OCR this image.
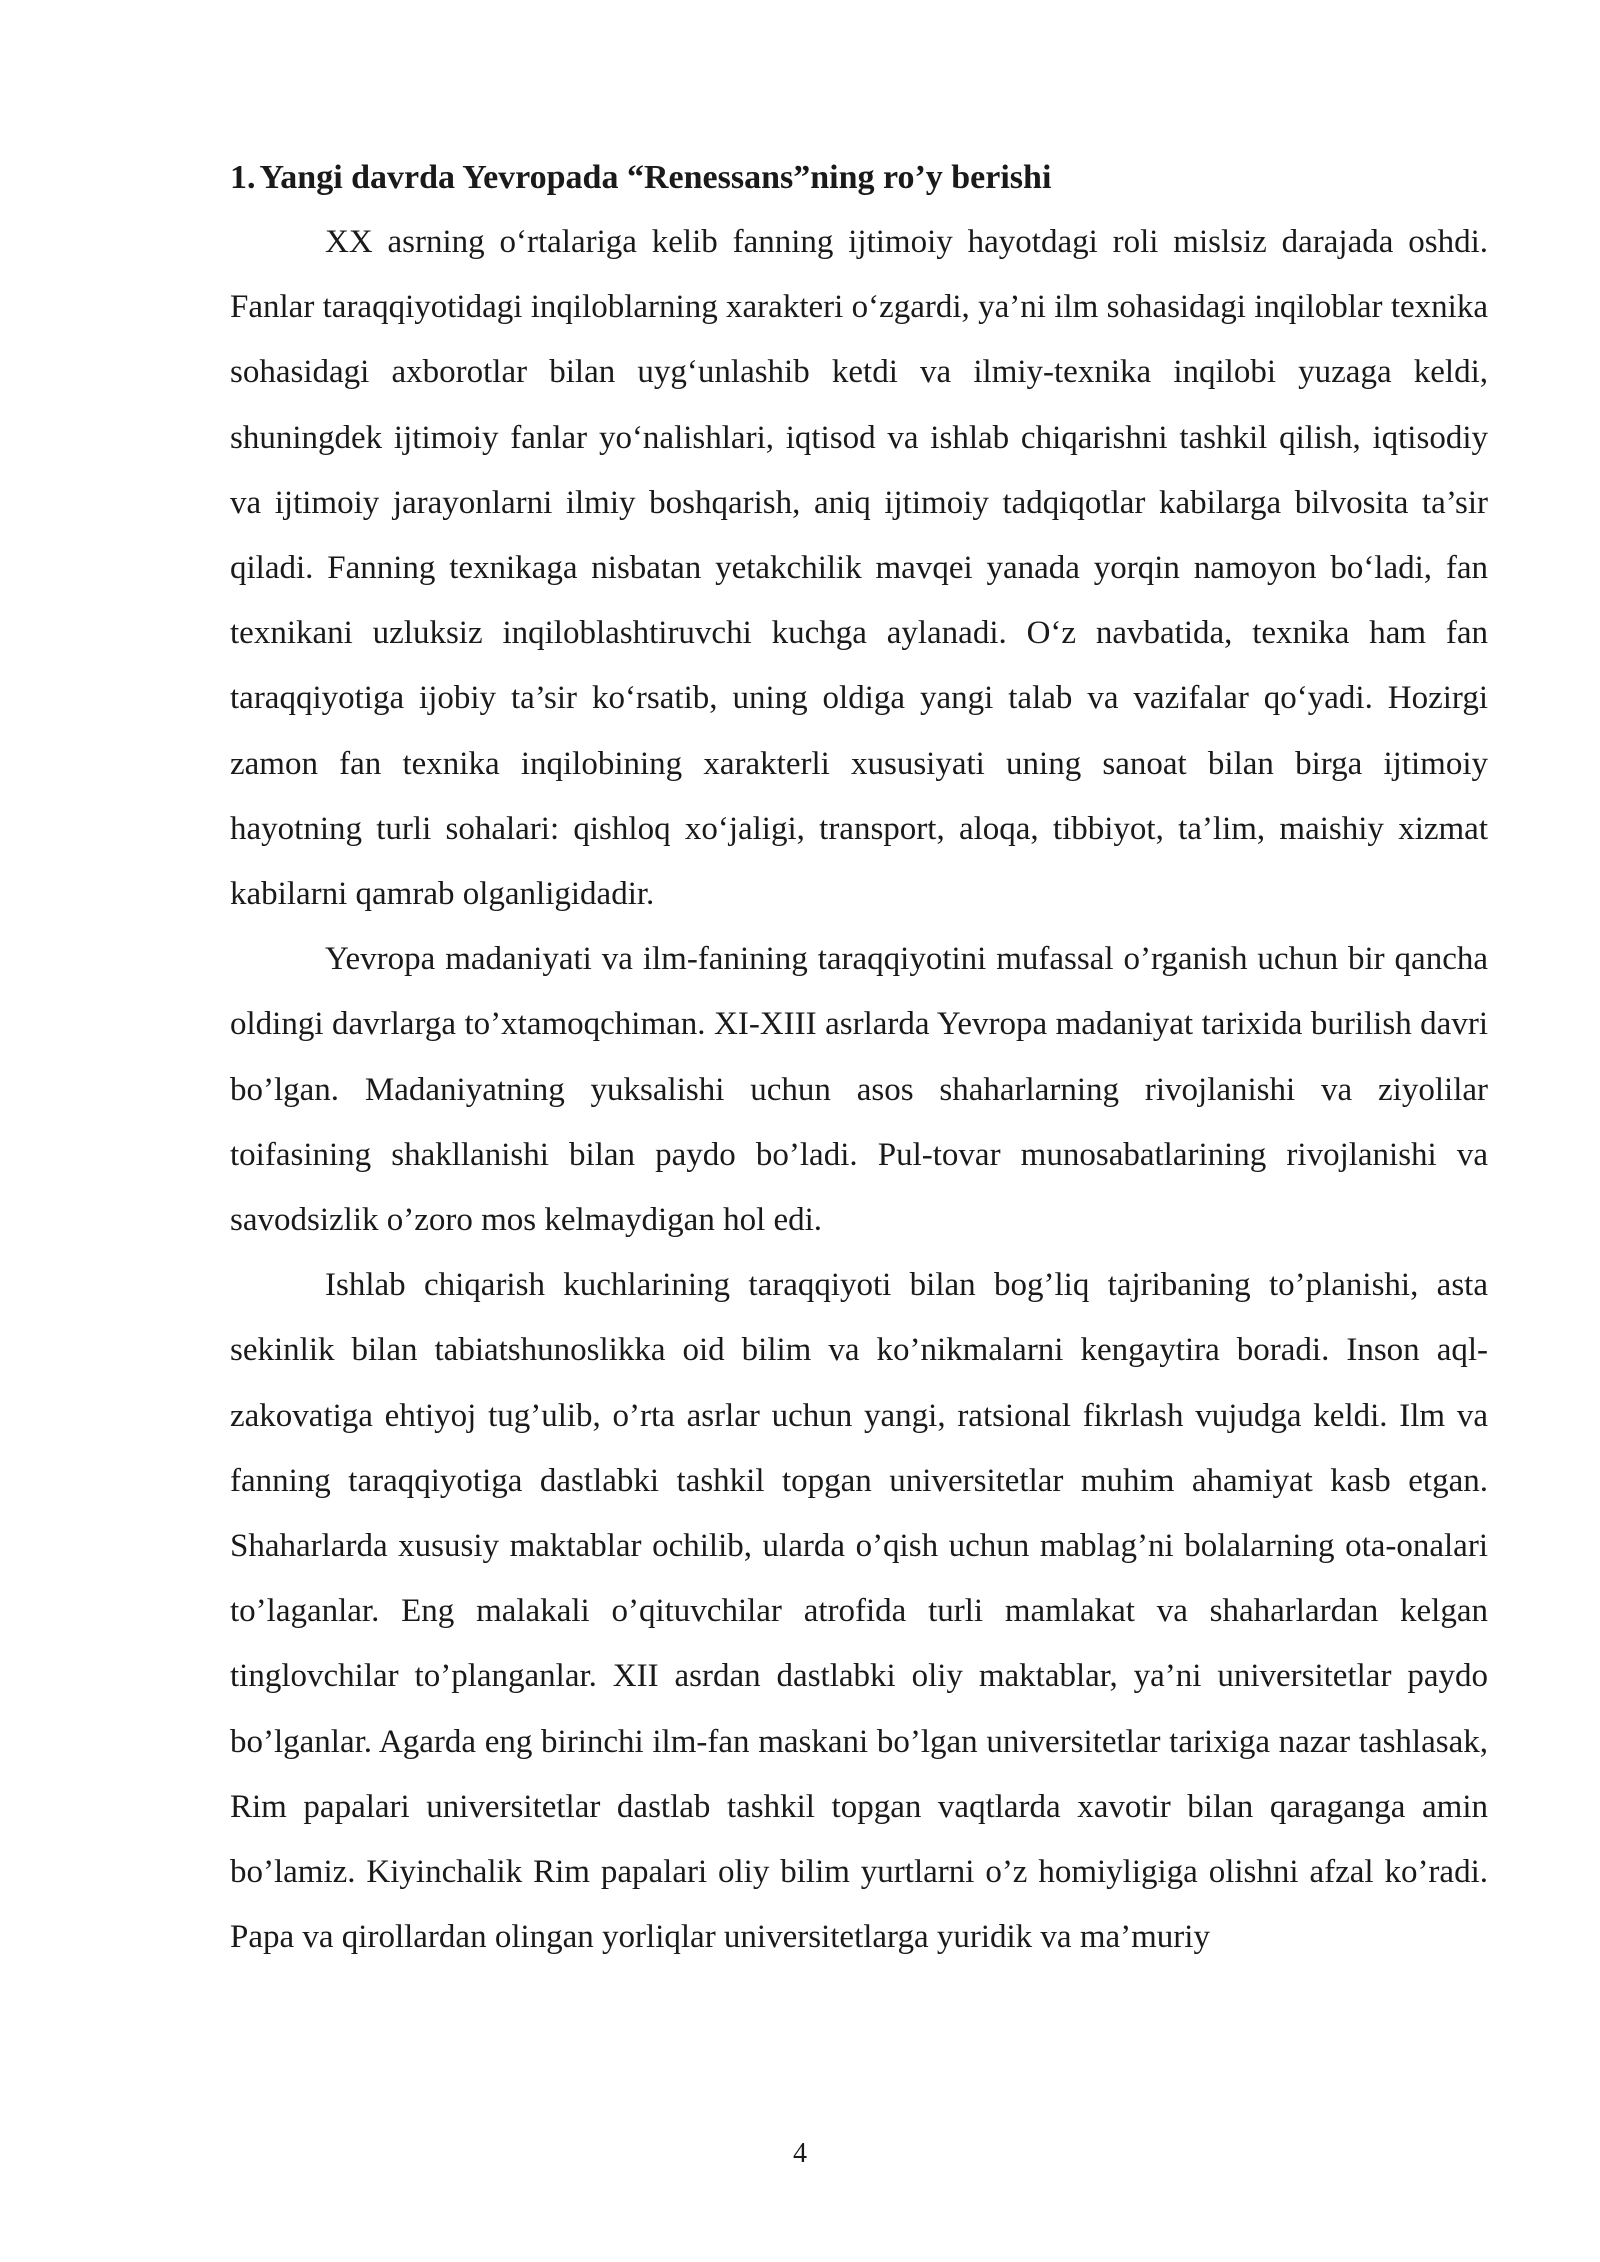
1. Yangi davrda Yevropada “Renessans”ning ro’y berishi

XX asrning o‘rtalariga kelib fanning ijtimoiy hayotdagi roli mislsiz darajada oshdi. Fanlar taraqqiyotidagi inqiloblarning xarakteri o‘zgardi, ya’ni ilm sohasidagi inqiloblar texnika sohasidagi axborotlar bilan uyg‘unlashib ketdi va ilmiy-texnika inqilobi yuzaga keldi, shuningdek ijtimoiy fanlar yo‘nalishlari, iqtisod va ishlab chiqarishni tashkil qilish, iqtisodiy va ijtimoiy jarayonlarni ilmiy boshqarish, aniq ijtimoiy tadqiqotlar kabilarga bilvosita ta’sir qiladi. Fanning texnikaga nisbatan yetakchilik mavqei yanada yorqin namoyon bo‘ladi, fan texnikani uzluksiz inqiloblashtiruvchi kuchga aylanadi. O‘z navbatida, texnika ham fan taraqqiyotiga ijobiy ta’sir ko‘rsatib, uning oldiga yangi talab va vazifalar qo‘yadi. Hozirgi zamon fan texnika inqilobining xarakterli xususiyati uning sanoat bilan birga ijtimoiy hayotning turli sohalari: qishloq xo‘jaligi, transport, aloqa, tibbiyot, ta’lim, maishiy xizmat kabilarni qamrab olganligidadir.

Yevropa madaniyati va ilm-fanining taraqqiyotini mufassal o’rganish uchun bir qancha oldingi davrlarga to’xtamoqchiman. XI-XIII asrlarda Yevropa madaniyat tarixida burilish davri bo’lgan. Madaniyatning yuksalishi uchun asos shaharlarning rivojlanishi va ziyolilar toifasining shakllanishi bilan paydo bo’ladi. Pul-tovar munosabatlarining rivojlanishi va savodsizlik o’zoro mos kelmaydigan hol edi.

Ishlab chiqarish kuchlarining taraqqiyoti bilan bog’liq tajribaning to’planishi, asta sekinlik bilan tabiatshunoslikka oid bilim va ko’nikmalarni kengaytira boradi. Inson aql-zakovatiga ehtiyoj tug’ulib, o’rta asrlar uchun yangi, ratsional fikrlash vujudga keldi. Ilm va fanning taraqqiyotiga dastlabki tashkil topgan universitetlar muhim ahamiyat kasb etgan. Shaharlarda xususiy maktablar ochilib, ularda o’qish uchun mablag’ni bolalarning ota-onalari to’laganlar. Eng malakali o’qituvchilar atrofida turli mamlakat va shaharlardan kelgan tinglovchilar to’planganlar. XII asrdan dastlabki oliy maktablar, ya’ni universitetlar paydo bo’lganlar. Agarda eng birinchi ilm-fan maskani bo’lgan universitetlar tarixiga nazar tashlasak, Rim papalari universitetlar dastlab tashkil topgan vaqtlarda xavotir bilan qaraganga amin bo’lamiz. Kiyinchalik Rim papalari oliy bilim yurtlarni o’z homiyligiga olishni afzal ko’radi. Papa va qirollardan olingan yorliqlar universitetlarga yuridik va ma’muriy

4
